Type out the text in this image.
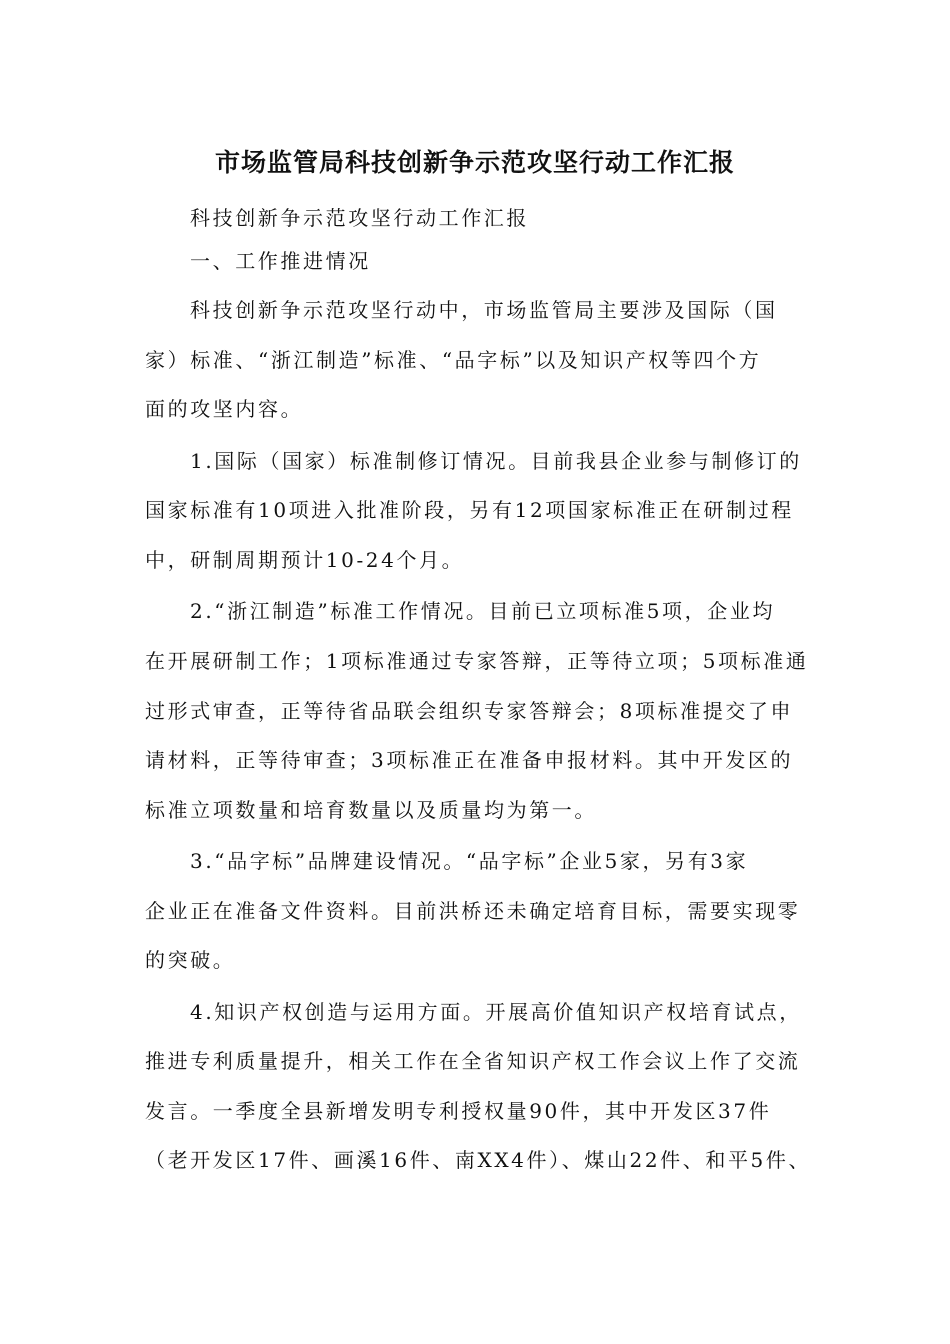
市场监管局科技创新争示范攻坚行动工作汇报
科技创新争示范攻坚行动工作汇报
一、工作推进情况
科技创新争示范攻坚行动中，市场监管局主要涉及国际（国
家）标准、“浙江制造”标准、“品字标”以及知识产权等四个方
面的攻坚内容。
1.国际（国家）标准制修订情况。目前我县企业参与制修订的
国家标准有10项进入批准阶段，另有12项国家标准正在研制过程
中，研制周期预计10-24个月。
2.“浙江制造”标准工作情况。目前已立项标准5项，企业均
在开展研制工作；1项标准通过专家答辩，正等待立项；5项标准通
过形式审查，正等待省品联会组织专家答辩会；8项标准提交了申
请材料，正等待审查；3项标准正在准备申报材料。其中开发区的
标准立项数量和培育数量以及质量均为第一。
3.“品字标”品牌建设情况。“品字标”企业5家，另有3家
企业正在准备文件资料。目前洪桥还未确定培育目标，需要实现零
的突破。
4.知识产权创造与运用方面。开展高价值知识产权培育试点，
推进专利质量提升，相关工作在全省知识产权工作会议上作了交流
发言。一季度全县新增发明专利授权量90件，其中开发区37件
（老开发区17件、画溪16件、南XX4件）、煤山22件、和平5件、
